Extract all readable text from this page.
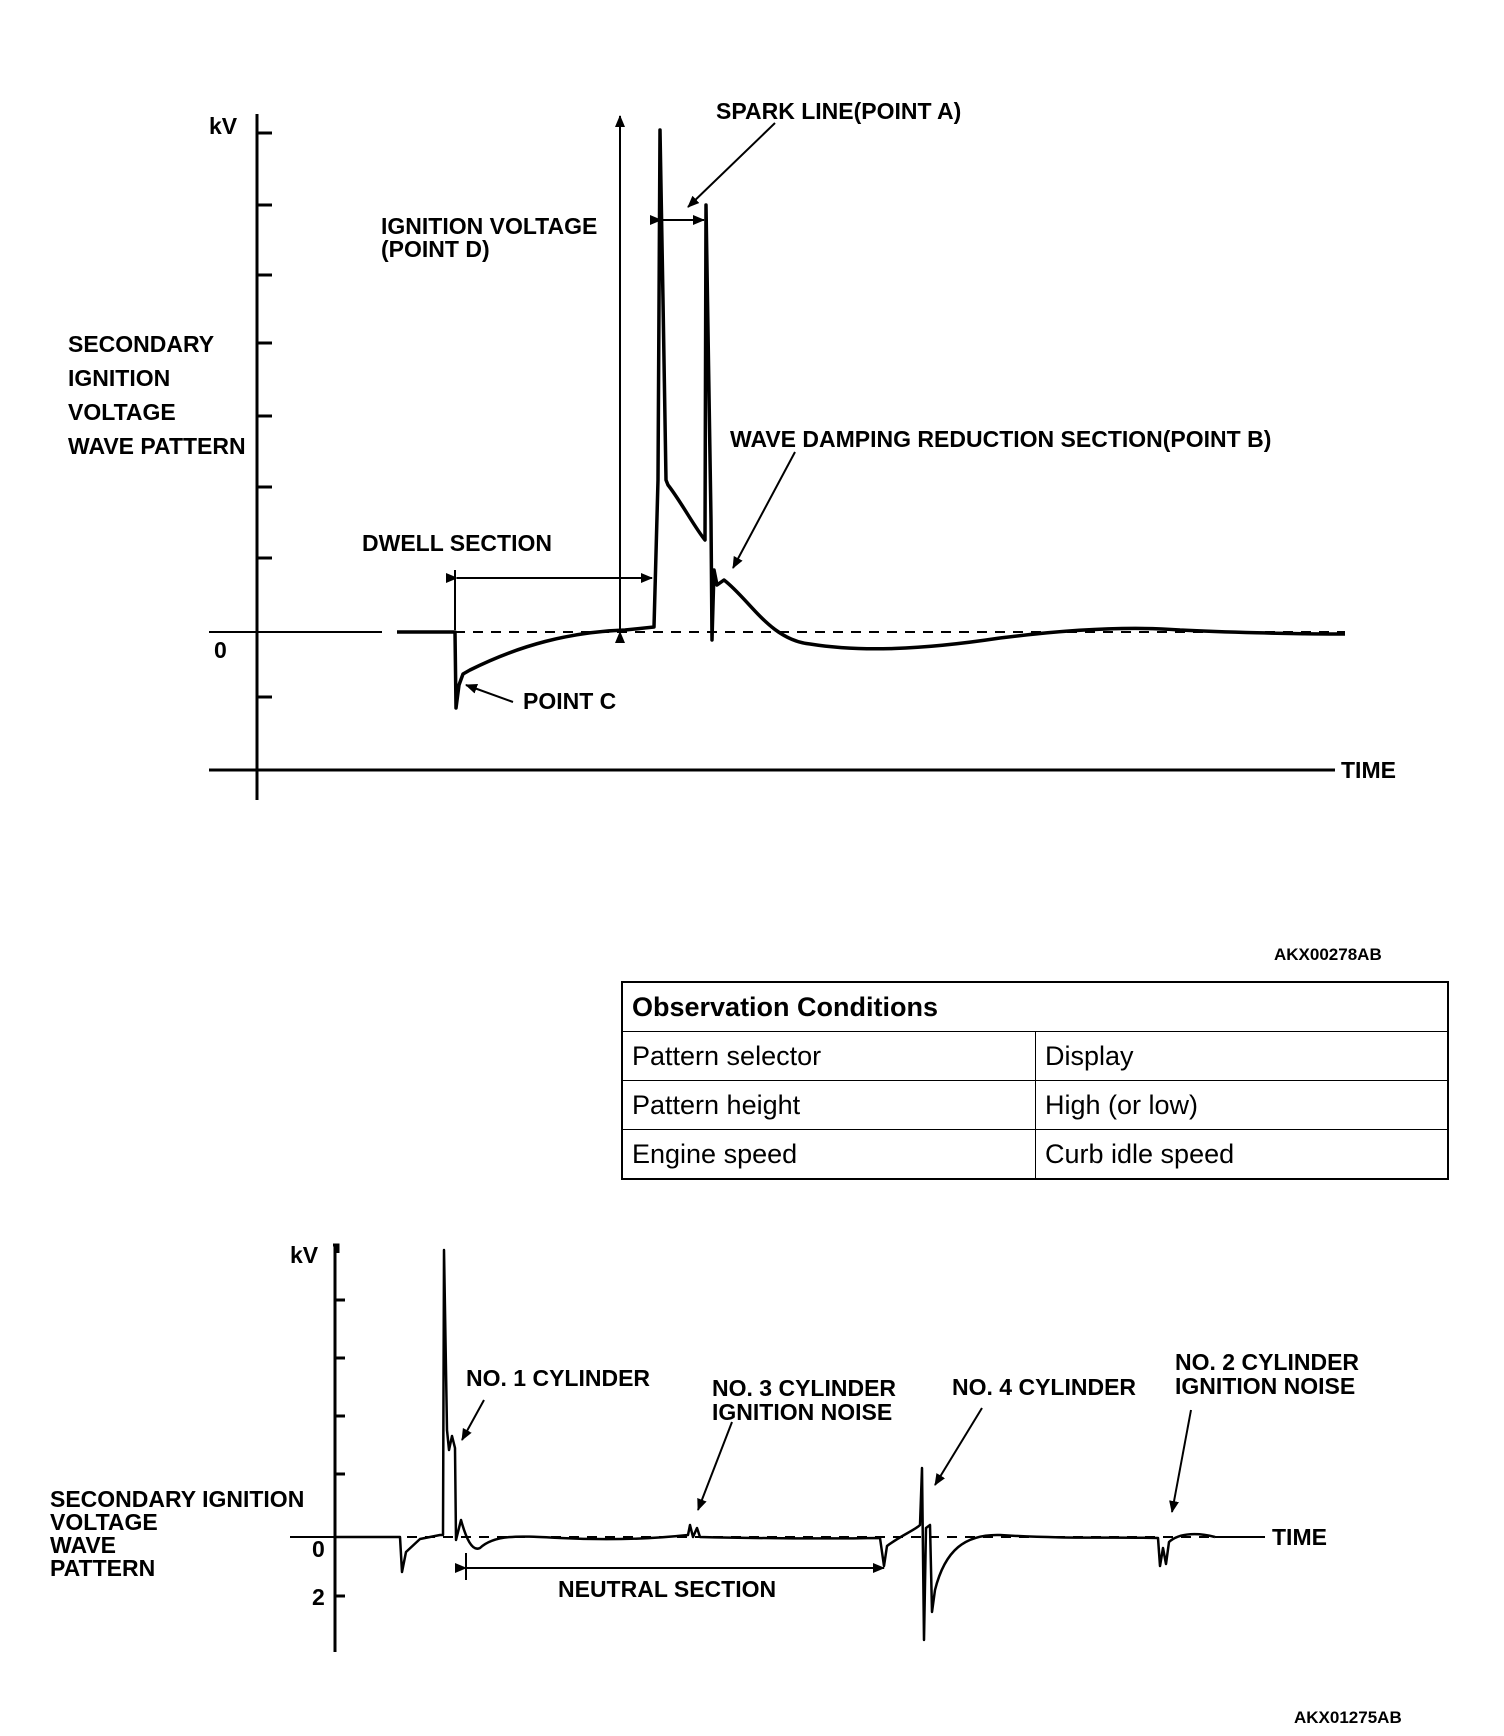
kV
0
TIME
SECONDARY
IGNITION
VOLTAGE
WAVE PATTERN
SPARK LINE(POINT A)
IGNITION VOLTAGE
(POINT D)
WAVE DAMPING REDUCTION SECTION(POINT B)
DWELL SECTION
POINT C
AKX00278AB
kV
0
2
TIME
SECONDARY IGNITION
VOLTAGE
WAVE
PATTERN
NO. 1 CYLINDER	NO. 3 CYLINDER
IGNITION NOISE
NO. 4 CYLINDER
NO. 2 CYLINDER
IGNITION NOISE
NEUTRAL SECTION
AKX01275AB
Observation Conditions	
Pattern selector	Display
Pattern height	High (or low)
Engine speed	Curb idle speed
